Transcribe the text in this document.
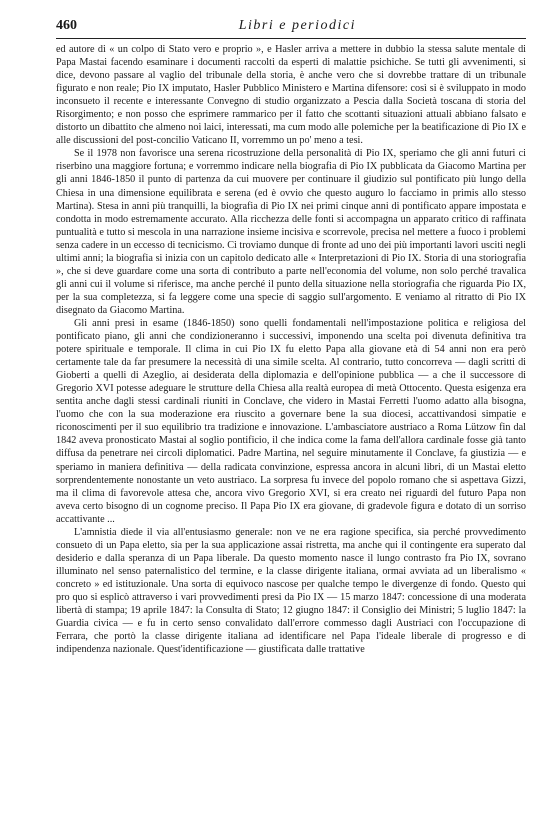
460	Libri e periodici

ed autore di « un colpo di Stato vero e proprio », e Hasler arriva a mettere in dubbio la stessa salute mentale di Papa Mastai facendo esaminare i documenti raccolti da esperti di malattie psichiche. Se tutti gli avvenimenti, si dice, devono passare al vaglio del tribunale della storia, è anche vero che si dovrebbe trattare di un tribunale figurato e non reale; Pio IX imputato, Hasler Pubblico Ministero e Martina difensore: così si è sviluppato in modo inconsueto il recente e interessante Convegno di studio organizzato a Pescia dalla Società toscana di storia del Risorgimento; e non posso che esprimere rammarico per il fatto che scottanti situazioni attuali abbiano falsato e distorto un dibattito che almeno noi laici, interessati, ma cum modo alle polemiche per la beatificazione di Pio IX e alle discussioni del post-concilio Vaticano II, vorremmo un po' meno a tesi.

Se il 1978 non favorisce una serena ricostruzione della personalità di Pio IX, speriamo che gli anni futuri ci riserbino una maggiore fortuna; e vorremmo indicare nella biografia di Pio IX pubblicata da Giacomo Martina per gli anni 1846-1850 il punto di partenza da cui muovere per continuare il giudizio sul pontificato più lungo della Chiesa in una dimensione equilibrata e serena (ed è ovvio che questo auguro lo facciamo in primis allo stesso Martina). Stesa in anni più tranquilli, la biografia di Pio IX nei primi cinque anni di pontificato appare impostata e condotta in modo estremamente accurato. Alla ricchezza delle fonti si accompagna un apparato critico di raffinata puntualità e tutto si mescola in una narrazione insieme incisiva e scorrevole, precisa nel mettere a fuoco i problemi senza cadere in un eccesso di tecnicismo. Ci troviamo dunque di fronte ad uno dei più importanti lavori usciti negli ultimi anni; la biografia si inizia con un capitolo dedicato alle « Interpretazioni di Pio IX. Storia di una storiografia », che si deve guardare come una sorta di contributo a parte nell'economia del volume, non solo perché travalica gli anni cui il volume si riferisce, ma anche perché il punto della situazione nella storiografia che riguarda Pio IX, per la sua completezza, si fa leggere come una specie di saggio sull'argomento. E veniamo al ritratto di Pio IX disegnato da Giacomo Martina.

Gli anni presi in esame (1846-1850) sono quelli fondamentali nell'impostazione politica e religiosa del pontificato piano, gli anni che condizioneranno i successivi, imponendo una scelta poi divenuta definitiva tra potere spirituale e temporale. Il clima in cui Pio IX fu eletto Papa alla giovane età di 54 anni non era però certamente tale da far presumere la necessità di una simile scelta. Al contrario, tutto concorreva — dagli scritti di Gioberti a quelli di Azeglio, ai desiderata della diplomazia e dell'opinione pubblica — a che il successore di Gregorio XVI potesse adeguare le strutture della Chiesa alla realtà europea di metà Ottocento. Questa esigenza era sentita anche dagli stessi cardinali riuniti in Conclave, che videro in Mastai Ferretti l'uomo adatto alla bisogna, l'uomo che con la sua moderazione era riuscito a governare bene la sua diocesi, accattivandosi simpatie e riconoscimenti per il suo equilibrio tra tradizione e innovazione. L'ambasciatore austriaco a Roma Lützow fin dal 1842 aveva pronosticato Mastai al soglio pontificio, il che indica come la fama dell'allora cardinale fosse già tanto diffusa da penetrare nei circoli diplomatici. Padre Martina, nel seguire minutamente il Conclave, fa giustizia — e speriamo in maniera definitiva — della radicata convinzione, espressa ancora in alcuni libri, di un Mastai eletto sorprendentemente nonostante un veto austriaco. La sorpresa fu invece del popolo romano che si aspettava Gizzi, ma il clima di favorevole attesa che, ancora vivo Gregorio XVI, si era creato nei riguardi del futuro Papa non aveva certo bisogno di un cognome preciso. Il Papa Pio IX era giovane, di gradevole figura e dotato di un sorriso accattivante ...

L'amnistia diede il via all'entusiasmo generale: non ve ne era ragione specifica, sia perché provvedimento consueto di un Papa eletto, sia per la sua applicazione assai ristretta, ma anche qui il contingente era superato dal desiderio e dalla speranza di un Papa liberale. Da questo momento nasce il lungo contrasto fra Pio IX, sovrano illuminato nel senso paternalistico del termine, e la classe dirigente italiana, ormai avviata ad un liberalismo « concreto » ed istituzionale. Una sorta di equivoco nascose per qualche tempo le divergenze di fondo. Questo qui pro quo si esplicò attraverso i vari provvedimenti presi da Pio IX — 15 marzo 1847: concessione di una moderata libertà di stampa; 19 aprile 1847: la Consulta di Stato; 12 giugno 1847: il Consiglio dei Ministri; 5 luglio 1847: la Guardia civica — e fu in certo senso convalidato dall'errore commesso dagli Austriaci con l'occupazione di Ferrara, che portò la classe dirigente italiana ad identificare nel Papa l'ideale liberale di progresso e di indipendenza nazionale. Quest'identificazione — giustificata dalle trattative
